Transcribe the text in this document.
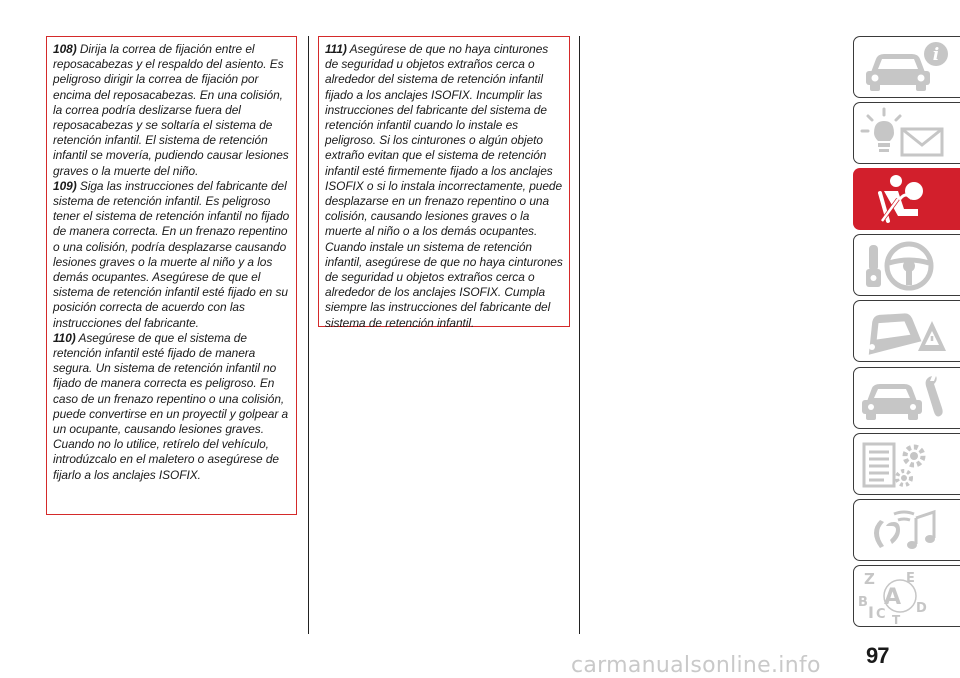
108) Dirija la correa de fijación entre el reposacabezas y el respaldo del asiento. Es peligroso dirigir la correa de fijación por encima del reposacabezas. En una colisión, la correa podría deslizarse fuera del reposacabezas y se soltaría el sistema de retención infantil. El sistema de retención infantil se movería, pudiendo causar lesiones graves o la muerte del niño.

109) Siga las instrucciones del fabricante del sistema de retención infantil. Es peligroso tener el sistema de retención infantil no fijado de manera correcta. En un frenazo repentino o una colisión, podría desplazarse causando lesiones graves o la muerte al niño y a los demás ocupantes. Asegúrese de que el sistema de retención infantil esté fijado en su posición correcta de acuerdo con las instrucciones del fabricante.

110) Asegúrese de que el sistema de retención infantil esté fijado de manera segura. Un sistema de retención infantil no fijado de manera correcta es peligroso. En caso de un frenazo repentino o una colisión, puede convertirse en un proyectil y golpear a un ocupante, causando lesiones graves. Cuando no lo utilice, retírelo del vehículo, introdúzcalo en el maletero o asegúrese de fijarlo a los anclajes ISOFIX.

111) Asegúrese de que no haya cinturones de seguridad u objetos extraños cerca o alrededor del sistema de retención infantil fijado a los anclajes ISOFIX. Incumplir las instrucciones del fabricante del sistema de retención infantil cuando lo instale es peligroso. Si los cinturones o algún objeto extraño evitan que el sistema de retención infantil esté firmemente fijado a los anclajes ISOFIX o si lo instala incorrectamente, puede desplazarse en un frenazo repentino o una colisión, causando lesiones graves o la muerte al niño o a los demás ocupantes. Cuando instale un sistema de retención infantil, asegúrese de que no haya cinturones de seguridad u objetos extraños cerca o alrededor de los anclajes ISOFIX. Cumpla siempre las instrucciones del fabricante del sistema de retención infantil.

i
Z E
B A
C D
I T
97
carmanualsonline.info
